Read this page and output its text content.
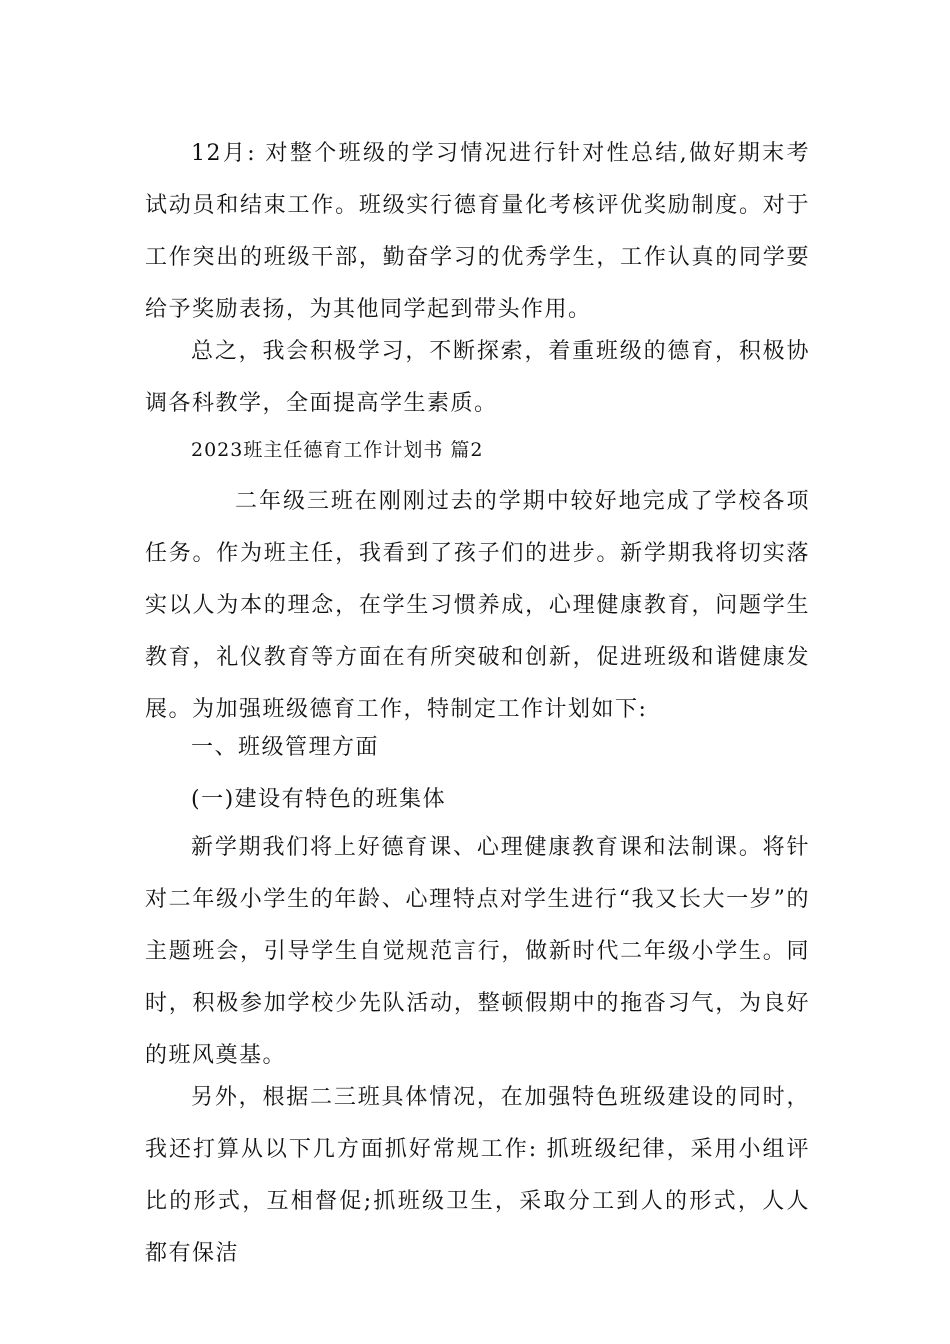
12月: 对整个班级的学习情况进行针对性总结,做好期末考试动员和结束工作。班级实行德育量化考核评优奖励制度。对于工作突出的班级干部，勤奋学习的优秀学生，工作认真的同学要给予奖励表扬，为其他同学起到带头作用。
总之，我会积极学习，不断探索，着重班级的德育，积极协调各科教学，全面提高学生素质。
2023班主任德育工作计划书 篇2
二年级三班在刚刚过去的学期中较好地完成了学校各项任务。作为班主任，我看到了孩子们的进步。新学期我将切实落实以人为本的理念，在学生习惯养成，心理健康教育，问题学生教育，礼仪教育等方面在有所突破和创新，促进班级和谐健康发展。为加强班级德育工作，特制定工作计划如下:
一、班级管理方面
(一)建设有特色的班集体
新学期我们将上好德育课、心理健康教育课和法制课。将针对二年级小学生的年龄、心理特点对学生进行“我又长大一岁”的主题班会，引导学生自觉规范言行，做新时代二年级小学生。同时，积极参加学校少先队活动，整顿假期中的拖沓习气，为良好的班风奠基。
另外，根据二三班具体情况，在加强特色班级建设的同时，我还打算从以下几方面抓好常规工作: 抓班级纪律，采用小组评比的形式，互相督促;抓班级卫生，采取分工到人的形式，人人都有保洁
